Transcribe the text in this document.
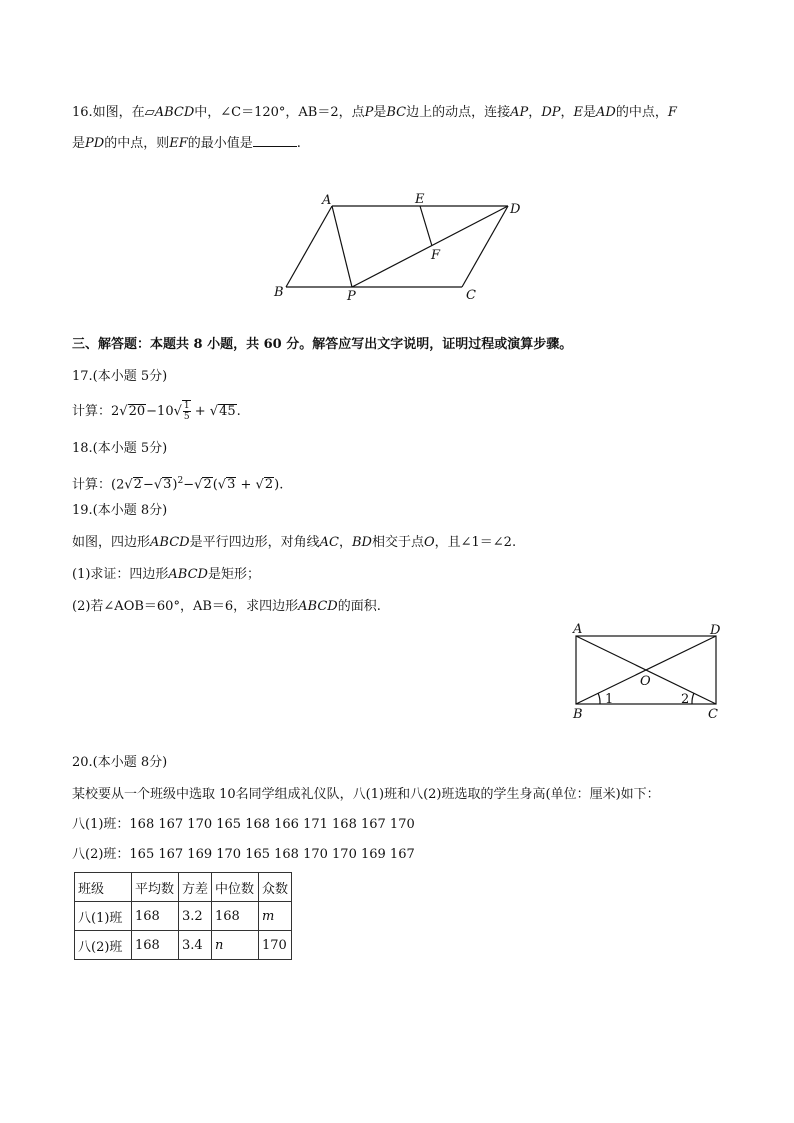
16.如图，在▱ABCD中，∠C＝120°，AB＝2，点P是BC边上的动点，连接AP，DP，E是AD的中点，F
是PD的中点，则EF的最小值是	.
A	E
D
F
B	P	C
三、解答题：本题共 8 小题，共 60 分。解答应写出文字说明，证明过程或演算步骤。
17.(本小题 5分)
计算：$2√20-10√ \frac{1}{5} + √45$.
18.(本小题 5分)
计算：$(2√2-√3)^2-√2(√3 + √2)$.
19.(本小题 8分)
如图，四边形ABCD是平行四边形，对角线AC，BD相交于点O，且∠1＝∠2.
(1)求证：四边形ABCD是矩形；
(2)若∠AOB＝60°，AB＝6，求四边形ABCD的面积.
A	D
O
B	C
1	2
20.(本小题 8分)
某校要从一个班级中选取 10名同学组成礼仪队，八(1)班和八(2)班选取的学生身高(单位：厘米)如下：
八(1)班：168 167 170 165 168 166 171 168 167 170
八(2)班：165 167 169 170 165 168 170 170 169 167
班级	平均数	方差	中位数	众数
八(1)班	168	3.2	168	m
八(2)班	168	3.4	n	170
